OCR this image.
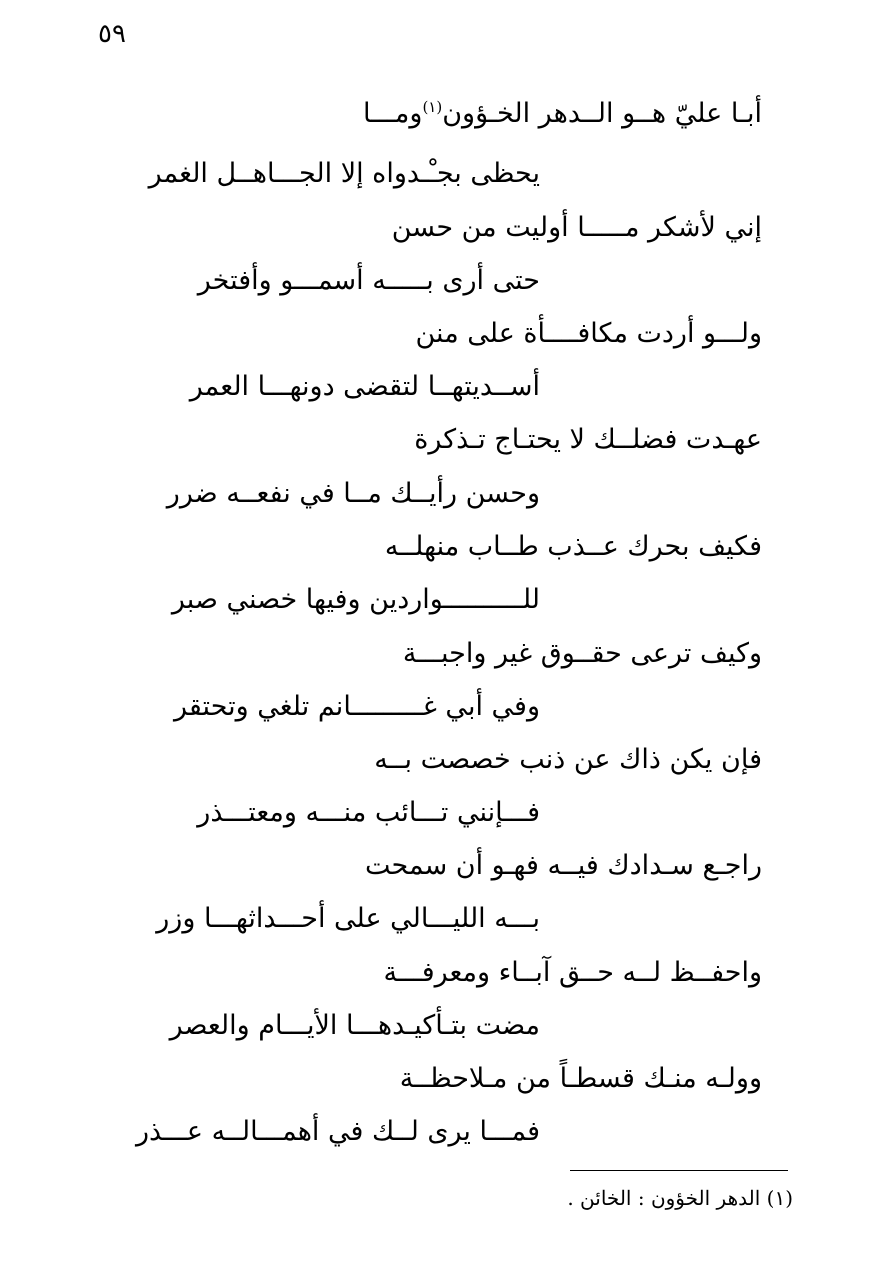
٥٩
أبـا عليّ هــو الــدهر الخـؤون$^{(١)}$ومـــا
يحظى بجـْـدواه إلا الجـــاهــل الغمر
إني لأشكر مـــــا أوليت من حسن
حتى أرى بـــــه أسمـــو وأفتخر
ولـــو أردت مكافــــأة على منن
أســديتهــا لتقضى دونهـــا العمر
عهـدت فضلــك لا يحتـاج تـذكرة
وحسن رأيــك مــا في نفعــه ضرر
فكيف بحرك عــذب طــاب منهلــه
للــــــــــواردين وفيها خصني صبر
وكيف ترعى حقــوق غير واجبـــة
وفي أبي غـــــــــانم تلغي وتحتقر
فإن يكن ذاك عن ذنب خصصت بــه
فـــإنني تـــائب منـــه ومعتـــذر
راجـع سـدادك فيــه فهـو أن سمحت
بـــه الليـــالي على أحـــداثهـــا وزر
واحفــظ لــه حــق آبــاء ومعرفـــة
مضت بتـأكيـدهـــا الأيـــام والعصر
وولـه منـك قسطـاً من مـلاحظــة
فمـــا يرى لــك في أهمـــالــه عـــذر
(١) الدهر الخؤون : الخائن .
